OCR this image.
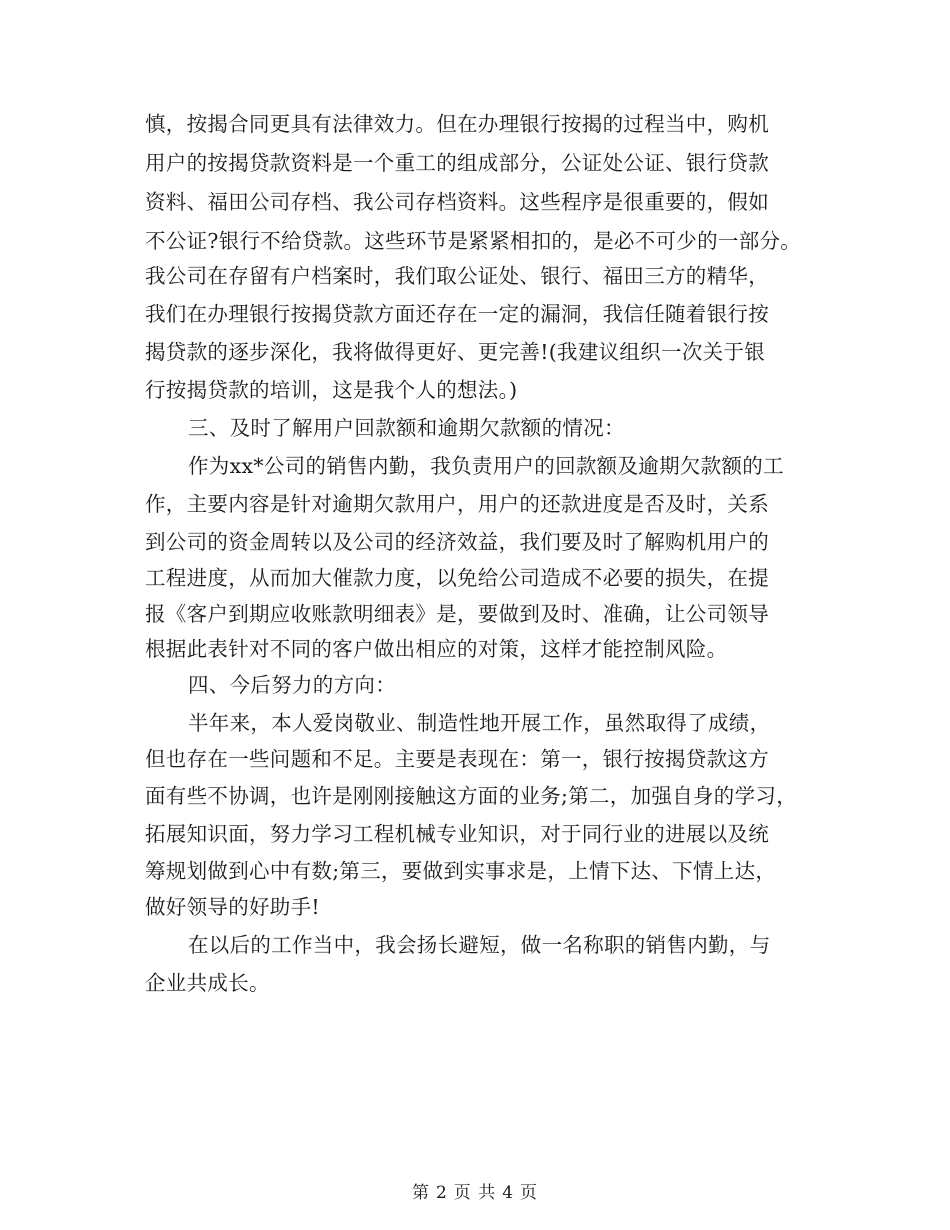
慎，按揭合同更具有法律效力。但在办理银行按揭的过程当中，购机
用户的按揭贷款资料是一个重工的组成部分，公证处公证、银行贷款
资料、福田公司存档、我公司存档资料。这些程序是很重要的，假如
不公证?银行不给贷款。这些环节是紧紧相扣的，是必不可少的一部分。
我公司在存留有户档案时，我们取公证处、银行、福田三方的精华，
我们在办理银行按揭贷款方面还存在一定的漏洞，我信任随着银行按
揭贷款的逐步深化，我将做得更好、更完善!(我建议组织一次关于银
行按揭贷款的培训，这是我个人的想法。)
三、及时了解用户回款额和逾期欠款额的情况：
作为xx*公司的销售内勤，我负责用户的回款额及逾期欠款额的工
作，主要内容是针对逾期欠款用户，用户的还款进度是否及时，关系
到公司的资金周转以及公司的经济效益，我们要及时了解购机用户的
工程进度，从而加大催款力度，以免给公司造成不必要的损失，在提
报《客户到期应收账款明细表》是，要做到及时、准确，让公司领导
根据此表针对不同的客户做出相应的对策，这样才能控制风险。
四、今后努力的方向：
半年来，本人爱岗敬业、制造性地开展工作，虽然取得了成绩，
但也存在一些问题和不足。主要是表现在：第一，银行按揭贷款这方
面有些不协调，也许是刚刚接触这方面的业务;第二，加强自身的学习，
拓展知识面，努力学习工程机械专业知识，对于同行业的进展以及统
筹规划做到心中有数;第三，要做到实事求是，上情下达、下情上达，
做好领导的好助手!
在以后的工作当中，我会扬长避短，做一名称职的销售内勤，与
企业共成长。
第 2 页 共 4 页
